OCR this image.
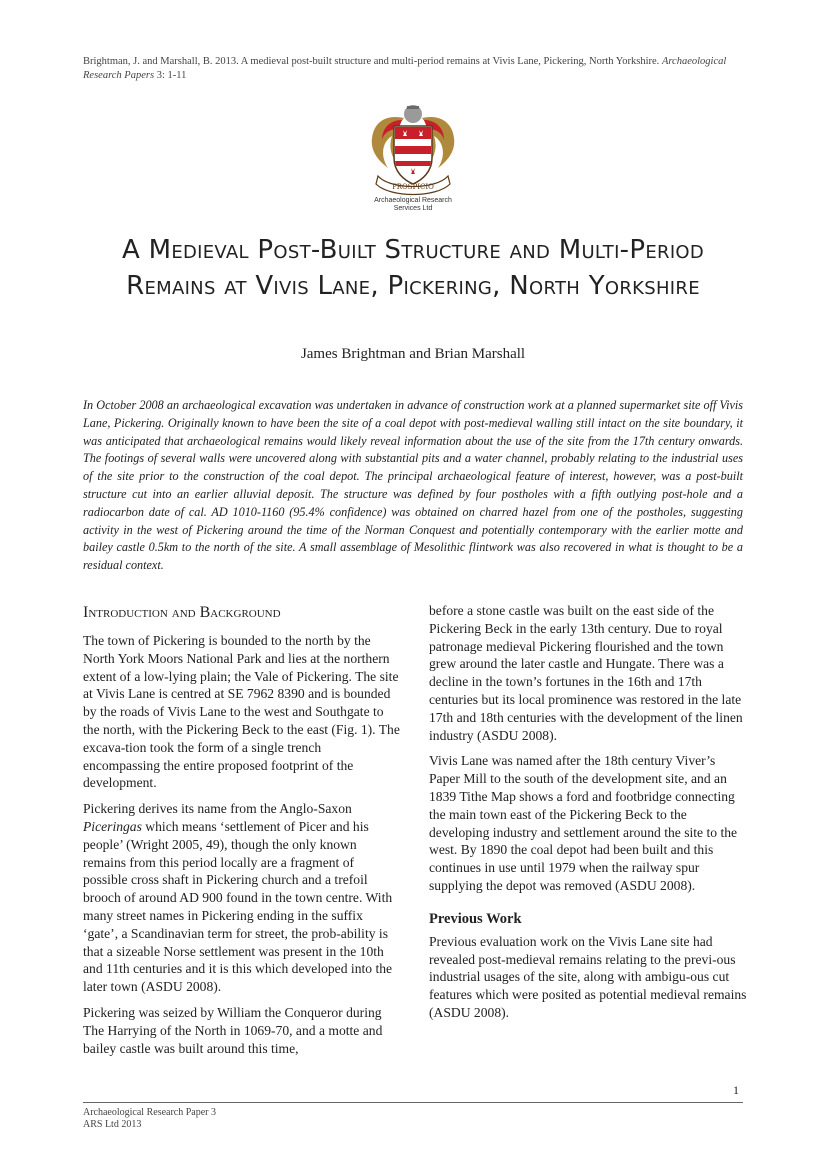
Brightman, J. and Marshall, B. 2013. A medieval post-built structure and multi-period remains at Vivis Lane, Pickering, North Yorkshire. Archaeological Research Papers 3: 1-11
PROSPICIO
Archaeological Research
Services Ltd
A Medieval Post-Built Structure and Multi-Period
Remains at Vivis Lane, Pickering, North Yorkshire
James Brightman and Brian Marshall
In October 2008 an archaeological excavation was undertaken in advance of construction work at a planned supermarket site off Vivis Lane, Pickering. Originally known to have been the site of a coal depot with post-medieval walling still intact on the site boundary, it was anticipated that archaeological remains would likely reveal information about the use of the site from the 17th century onwards. The footings of several walls were uncovered along with substantial pits and a water channel, probably relating to the industrial uses of the site prior to the construction of the coal depot. The principal archaeological feature of interest, however, was a post-built structure cut into an earlier alluvial deposit. The structure was defined by four postholes with a fifth outlying post-hole and a radiocarbon date of cal. AD 1010-1160 (95.4% confidence) was obtained on charred hazel from one of the postholes, suggesting activity in the west of Pickering around the time of the Norman Conquest and potentially contemporary with the earlier motte and bailey castle 0.5km to the north of the site. A small assemblage of Mesolithic flintwork was also recovered in what is thought to be a residual context.
Introduction and Background

The town of Pickering is bounded to the north by the North York Moors National Park and lies at the northern extent of a low-lying plain; the Vale of Pickering. The site at Vivis Lane is centred at SE 7962 8390 and is bounded by the roads of Vivis Lane to the west and Southgate to the north, with the Pickering Beck to the east (Fig. 1). The excava-tion took the form of a single trench encompassing the entire proposed footprint of the development.

Pickering derives its name from the Anglo-Saxon Piceringas which means ‘settlement of Picer and his people’ (Wright 2005, 49), though the only known remains from this period locally are a fragment of possible cross shaft in Pickering church and a trefoil brooch of around AD 900 found in the town centre. With many street names in Pickering ending in the suffix ‘gate’, a Scandinavian term for street, the prob-ability is that a sizeable Norse settlement was present in the 10th and 11th centuries and it is this which developed into the later town (ASDU 2008).

Pickering was seized by William the Conqueror during The Harrying of the North in 1069-70, and a motte and bailey castle was built around this time,

before a stone castle was built on the east side of the Pickering Beck in the early 13th century. Due to royal patronage medieval Pickering flourished and the town grew around the later castle and Hungate. There was a decline in the town’s fortunes in the 16th and 17th centuries but its local prominence was restored in the late 17th and 18th centuries with the development of the linen industry (ASDU 2008).

Vivis Lane was named after the 18th century Viver’s Paper Mill to the south of the development site, and an 1839 Tithe Map shows a ford and footbridge connecting the main town east of the Pickering Beck to the developing industry and settlement around the site to the west. By 1890 the coal depot had been built and this continues in use until 1979 when the railway spur supplying the depot was removed (ASDU 2008).

Previous Work

Previous evaluation work on the Vivis Lane site had revealed post-medieval remains relating to the previ-ous industrial usages of the site, along with ambigu-ous cut features which were posited as potential medieval remains (ASDU 2008).

1
Archaeological Research Paper 3
ARS Ltd 2013
